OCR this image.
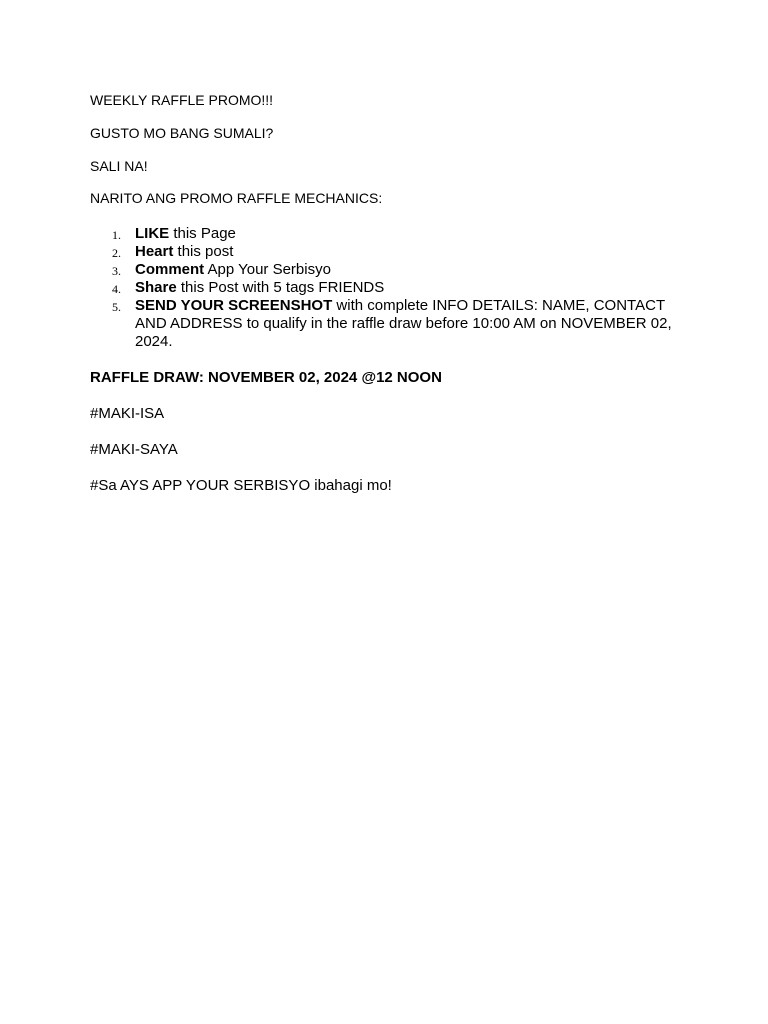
WEEKLY RAFFLE PROMO!!!

GUSTO MO BANG SUMALI?

SALI NA!

NARITO ANG PROMO RAFFLE MECHANICS:

1. LIKE this Page
2. Heart this post
3. Comment App Your Serbisyo
4. Share this Post with 5 tags FRIENDS
5. SEND YOUR SCREENSHOT with complete INFO DETAILS: NAME, CONTACT AND ADDRESS to qualify in the raffle draw before 10:00 AM on NOVEMBER 02, 2024.

RAFFLE DRAW: NOVEMBER 02, 2024 @12 NOON

#MAKI-ISA

#MAKI-SAYA

#Sa AYS APP YOUR SERBISYO ibahagi mo!
